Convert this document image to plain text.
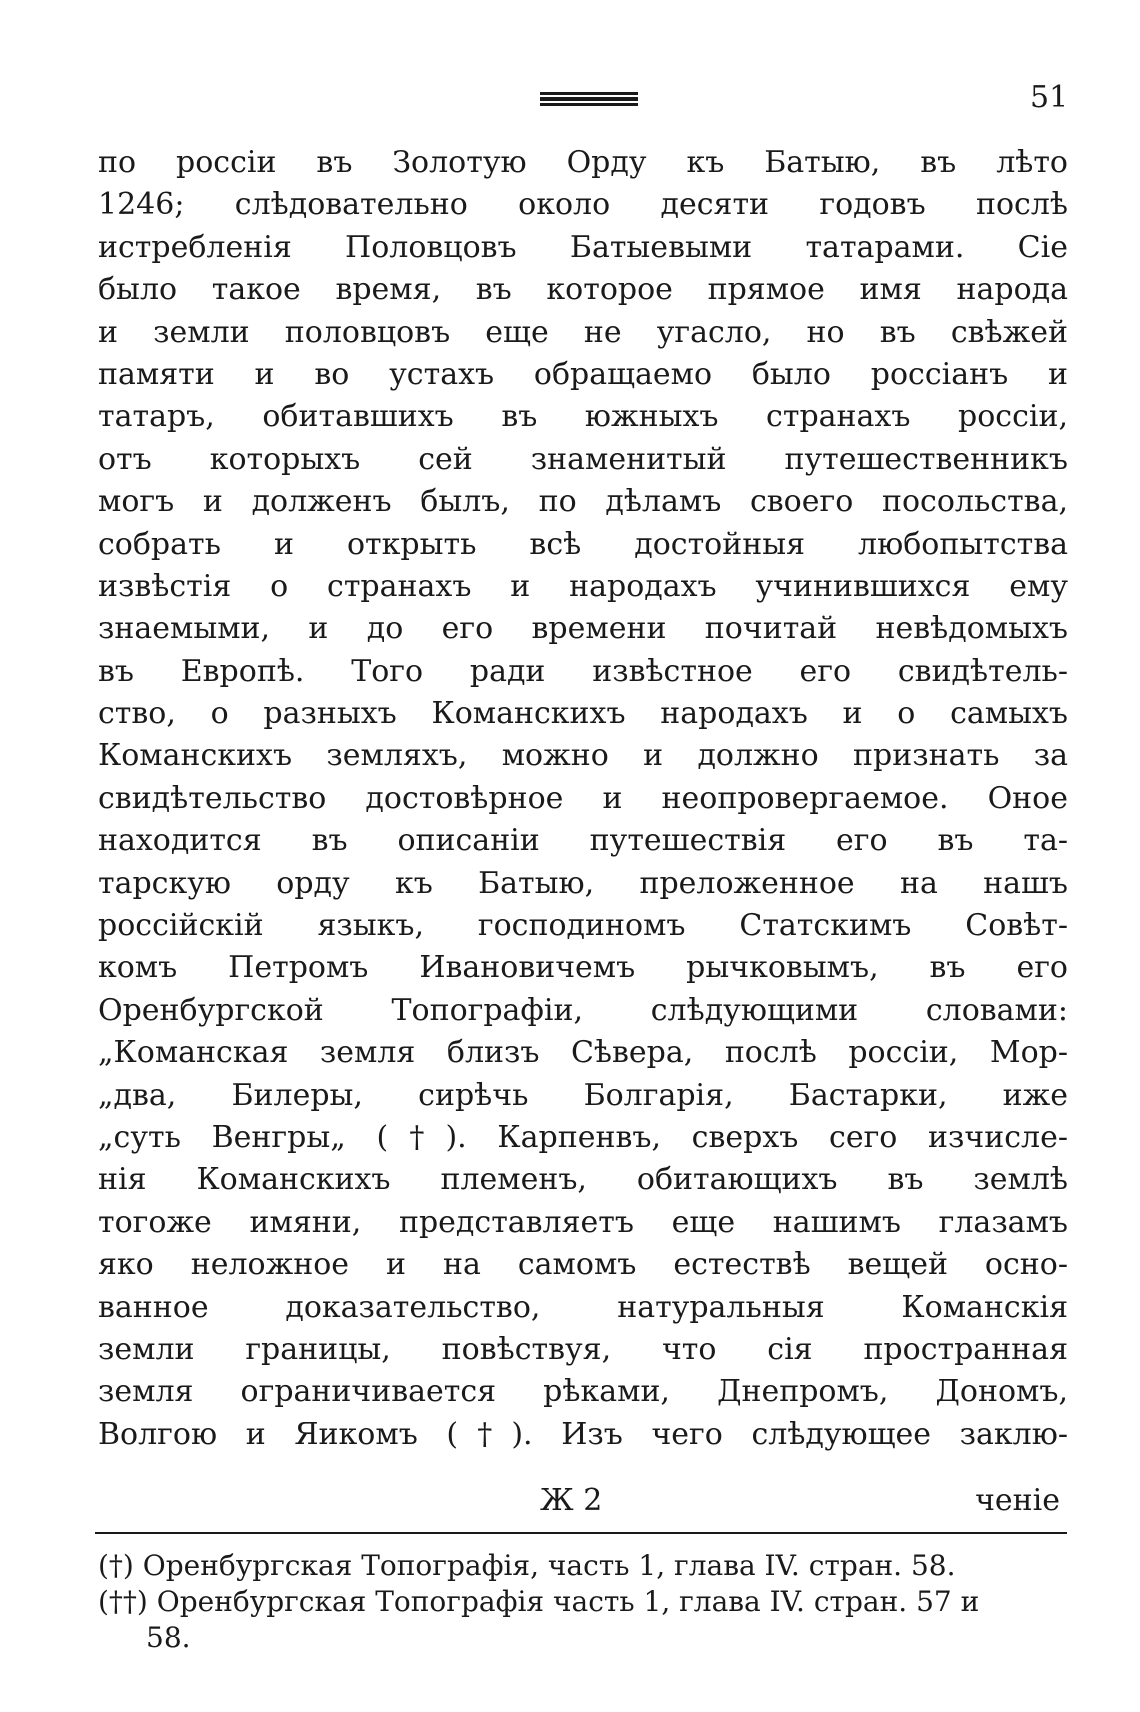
51
по россіи въ Золотую Орду къ Батыю, въ лѣто
1246; слѣдовательно около десяти годовъ послѣ
истребленія Половцовъ Батыевыми татарами. Сіе
было такое время, въ которое прямое имя народа
и земли половцовъ еще не угасло, но въ свѣжей
памяти и во устахъ обращаемо было россіанъ и
татаръ, обитавшихъ въ южныхъ странахъ россіи,
отъ которыхъ сей знаменитый путешественникъ
могъ и долженъ былъ, по дѣламъ своего посольства,
собрать и открыть всѣ достойныя любопытства
извѣстія о странахъ и народахъ учинившихся ему
знаемыми, и до его времени почитай невѣдомыхъ
въ Европѣ. Того ради извѣстное его свидѣтель-
ство, о разныхъ Команскихъ народахъ и о самыхъ
Команскихъ земляхъ, можно и должно признать за
свидѣтельство достовѣрное и неопровергаемое. Оное
находится въ описаніи путешествія его въ та-
тарскую орду къ Батыю, преложенное на нашъ
россійскій языкъ, господиномъ Статскимъ Совѣт-
комъ Петромъ Ивановичемъ рычковымъ, въ его
Оренбургской Топографіи, слѣдующими словами:
„Команская земля близъ Сѣвера, послѣ россіи, Мор-
„два, Билеры, сирѣчь Болгарія, Бастарки, иже
„суть Венгры„ (†). Карпенвъ, сверхъ сего изчисле-
нія Команскихъ племенъ, обитающихъ въ землѣ
тогоже имяни, представляетъ еще нашимъ глазамъ
яко неложное и на самомъ естествѣ вещей осно-
ванное доказательство, натуральныя Команскія
земли границы, повѣствуя, что сія пространная
земля ограничивается рѣками, Днепромъ, Дономъ,
Волгою и Яикомъ (†). Изъ чего слѣдующее заклю-
Ж 2	ченіе
(†) Оренбургская Топографія, часть 1, глава IV. стран. 58.
(††) Оренбургская Топографія часть 1, глава IV. стран. 57 и
58.
